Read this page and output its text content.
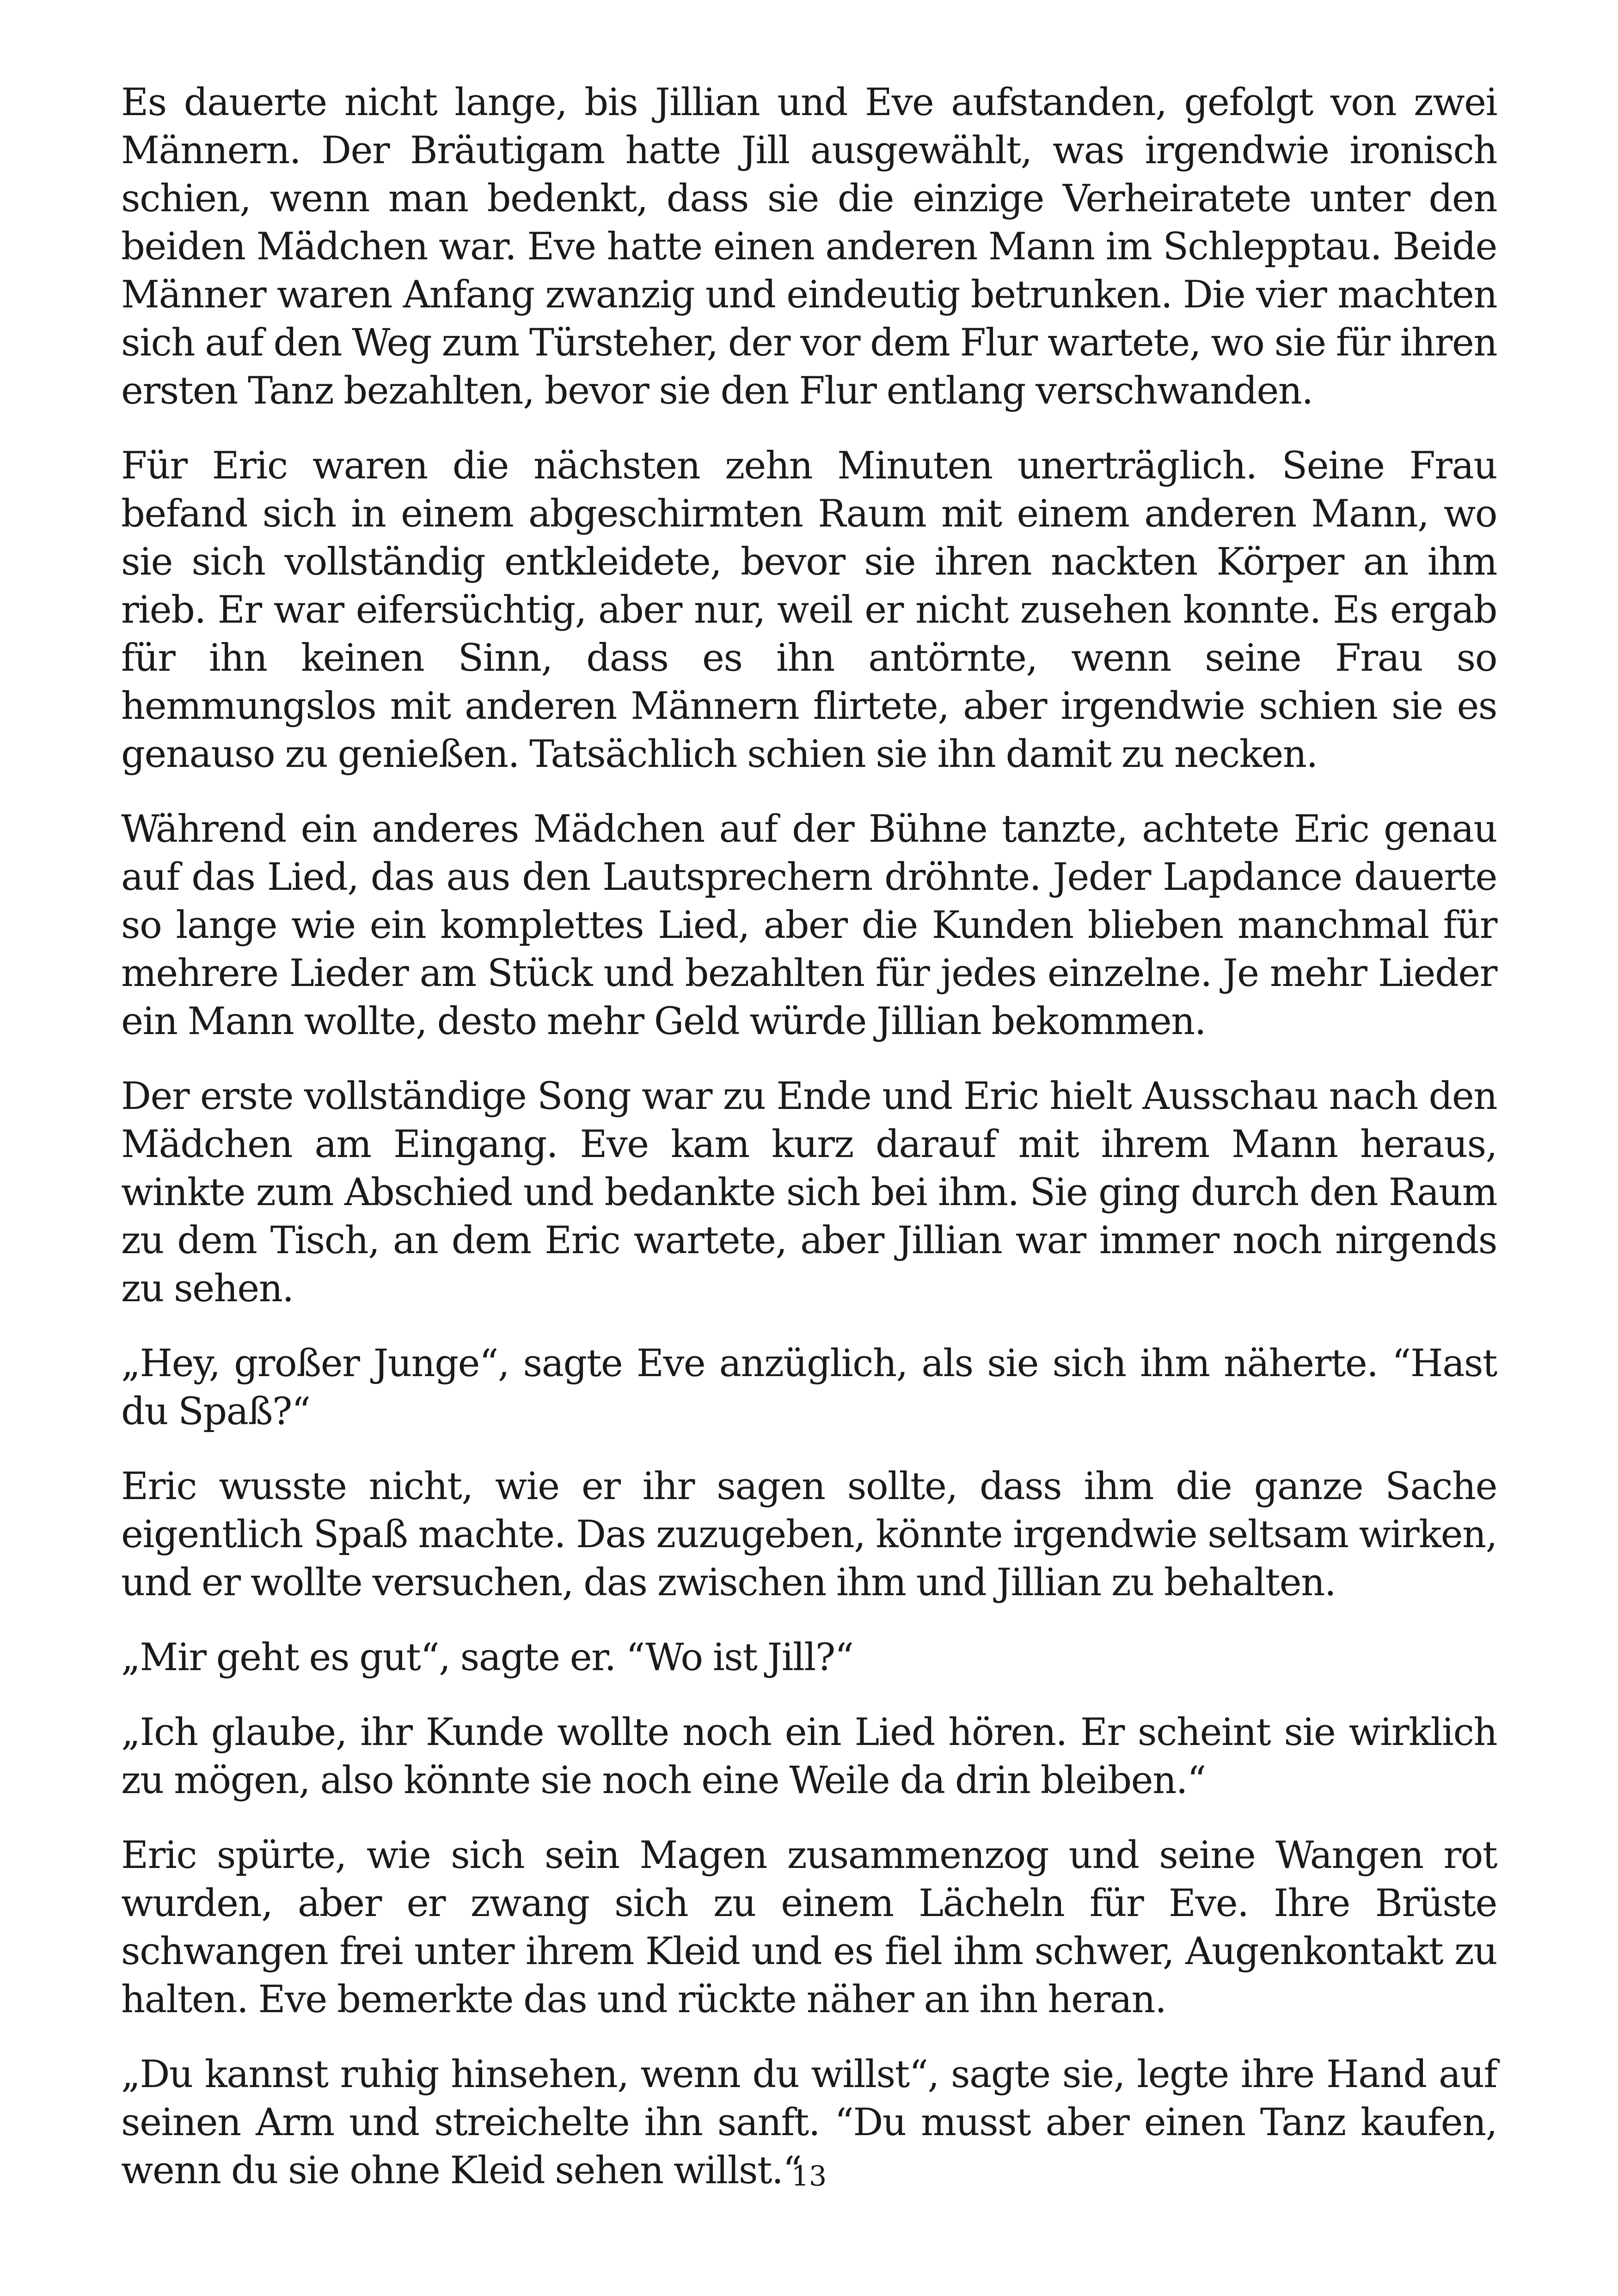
Es dauerte nicht lange, bis Jillian und Eve aufstanden, gefolgt von zwei Männern. Der Bräutigam hatte Jill ausgewählt, was irgendwie ironisch schien, wenn man bedenkt, dass sie die einzige Verheiratete unter den beiden Mädchen war. Eve hatte einen anderen Mann im Schlepptau. Beide Männer waren Anfang zwanzig und eindeutig betrunken. Die vier machten sich auf den Weg zum Türsteher, der vor dem Flur wartete, wo sie für ihren ersten Tanz bezahlten, bevor sie den Flur entlang verschwanden.

Für Eric waren die nächsten zehn Minuten unerträglich. Seine Frau befand sich in einem abgeschirmten Raum mit einem anderen Mann, wo sie sich vollständig entkleidete, bevor sie ihren nackten Körper an ihm rieb. Er war eifersüchtig, aber nur, weil er nicht zusehen konnte. Es ergab für ihn keinen Sinn, dass es ihn antörnte, wenn seine Frau so hemmungslos mit anderen Männern flirtete, aber irgendwie schien sie es genauso zu genießen. Tatsächlich schien sie ihn damit zu necken.

Während ein anderes Mädchen auf der Bühne tanzte, achtete Eric genau auf das Lied, das aus den Lautsprechern dröhnte. Jeder Lapdance dauerte so lange wie ein komplettes Lied, aber die Kunden blieben manchmal für mehrere Lieder am Stück und bezahlten für jedes einzelne. Je mehr Lieder ein Mann wollte, desto mehr Geld würde Jillian bekommen.

Der erste vollständige Song war zu Ende und Eric hielt Ausschau nach den Mädchen am Eingang. Eve kam kurz darauf mit ihrem Mann heraus, winkte zum Abschied und bedankte sich bei ihm. Sie ging durch den Raum zu dem Tisch, an dem Eric wartete, aber Jillian war immer noch nirgends zu sehen.

„Hey, großer Junge“, sagte Eve anzüglich, als sie sich ihm näherte. “Hast du Spaß?“

Eric wusste nicht, wie er ihr sagen sollte, dass ihm die ganze Sache eigentlich Spaß machte. Das zuzugeben, könnte irgendwie seltsam wirken, und er wollte versuchen, das zwischen ihm und Jillian zu behalten.

„Mir geht es gut“, sagte er. “Wo ist Jill?“

„Ich glaube, ihr Kunde wollte noch ein Lied hören. Er scheint sie wirklich zu mögen, also könnte sie noch eine Weile da drin bleiben.“

Eric spürte, wie sich sein Magen zusammenzog und seine Wangen rot wurden, aber er zwang sich zu einem Lächeln für Eve. Ihre Brüste schwangen frei unter ihrem Kleid und es fiel ihm schwer, Augenkontakt zu halten. Eve bemerkte das und rückte näher an ihn heran.

„Du kannst ruhig hinsehen, wenn du willst“, sagte sie, legte ihre Hand auf seinen Arm und streichelte ihn sanft. “Du musst aber einen Tanz kaufen, wenn du sie ohne Kleid sehen willst.“

13
